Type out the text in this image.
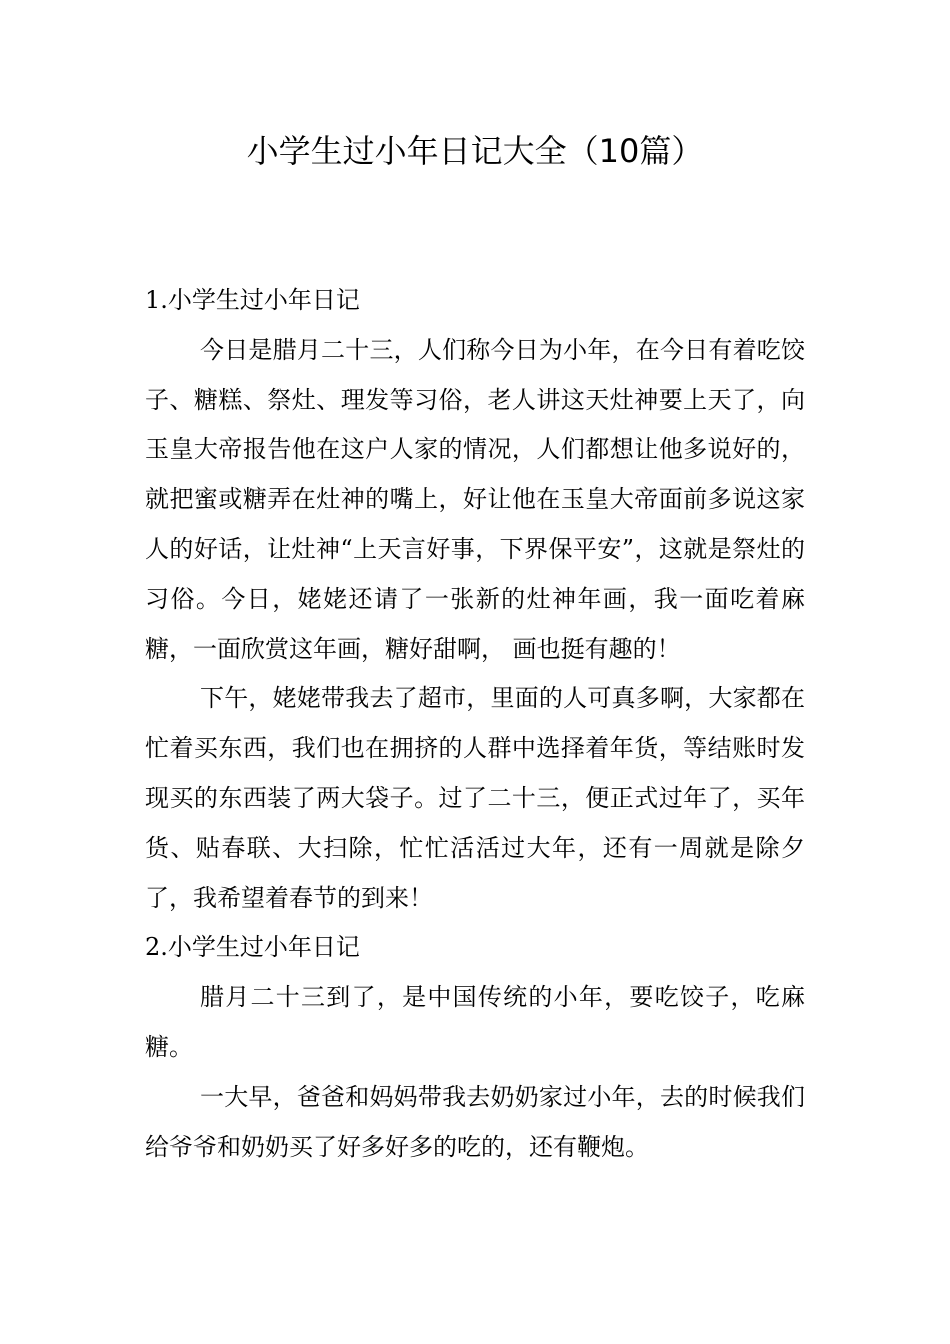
小学生过小年日记大全（10篇）
1.小学生过小年日记

今日是腊月二十三，人们称今日为小年，在今日有着吃饺子、糖糕、祭灶、理发等习俗，老人讲这天灶神要上天了，向玉皇大帝报告他在这户人家的情况，人们都想让他多说好的，就把蜜或糖弄在灶神的嘴上，好让他在玉皇大帝面前多说这家人的好话，让灶神“上天言好事，下界保平安”，这就是祭灶的习俗。今日，姥姥还请了一张新的灶神年画，我一面吃着麻糖，一面欣赏这年画，糖好甜啊， 画也挺有趣的！

下午，姥姥带我去了超市，里面的人可真多啊，大家都在忙着买东西，我们也在拥挤的人群中选择着年货，等结账时发现买的东西装了两大袋子。过了二十三，便正式过年了，买年货、贴春联、大扫除，忙忙活活过大年，还有一周就是除夕了，我希望着春节的到来！

2.小学生过小年日记

腊月二十三到了，是中国传统的小年，要吃饺子，吃麻糖。

一大早，爸爸和妈妈带我去奶奶家过小年，去的时候我们给爷爷和奶奶买了好多好多的吃的，还有鞭炮。
